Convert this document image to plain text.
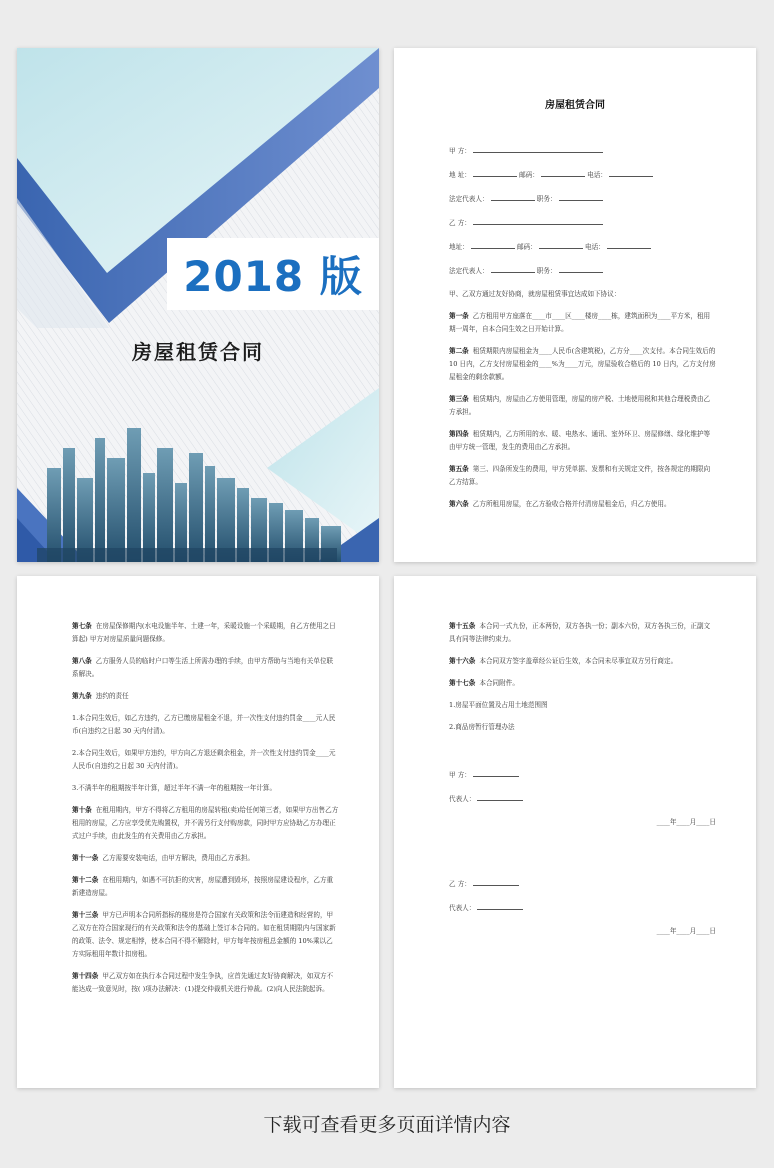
2018 版
房屋租赁合同
房屋租赁合同
甲 方：
地 址：	邮码：	电话：
法定代表人：	职务：
乙 方：
地址：	邮码：	电话：
法定代表人：	职务：

甲、乙双方通过友好协商，就房屋租赁事宜达成如下协议：

第一条 乙方租用甲方座落在____市____区____楼房____栋，建筑面积为____平方米，租用期一周年，自本合同生效之日开始计算。

第二条 租赁期限内房屋租金为____人民币(含建筑税)，乙方分____次支付。本合同生效后的 10 日内，乙方支付房屋租金的____%为____万元，房屋验收合格后的 10 日内，乙方支付房屋租金的剩余款额。

第三条 租赁期内，房屋由乙方使用管理，房屋的房产税、土地使用税和其他合理税费由乙方承担。

第四条 租赁期内，乙方所用的水、暖、电热水、通讯、室外环卫、房屋修缮、绿化维护等由甲方统一管理，发生的费用由乙方承担。

第五条 第三、四条所发生的费用，甲方凭单据、发票和有关规定文件，按各规定的期限向乙方结算。

第六条 乙方所租用房屋，在乙方验收合格并付清房屋租金后，归乙方使用。

第七条 在房屋保修期内(水电设施半年、土建一年，采暖设施一个采暖期，自乙方使用之日算起) 甲方对房屋质量问题保修。

第八条 乙方服务人员的临时户口等生活上所需办理的手续，由甲方帮助与当地有关单位联系解决。

第九条 违约的责任

1.本合同生效后，如乙方违约，乙方已缴房屋租金不退，并一次性支付违约罚金____元人民币(自违约之日起 30 天内付清)。

2.本合同生效后，如果甲方违约，甲方向乙方退还剩余租金，并一次性支付违约罚金____元人民币(自违约之日起 30 天内付清)。

3.不满半年的租期按半年计算，超过半年不满一年的租期按一年计算。

第十条 在租用期内，甲方不得将乙方租用的房屋转租(卖)给任何第三者，如果甲方出售乙方租用的房屋，乙方应享受优先购置权，并不需另行支付购房款，同时甲方应协助乙方办理正式过户手续，由此发生的有关费用由乙方承担。

第十一条 乙方需要安装电话，由甲方解决，费用由乙方承担。

第十二条 在租用期内，如遇不可抗拒的灾害，房屋遭到毁坏，按照房屋建设程序，乙方重新建造房屋。

第十三条 甲方已声明本合同所指标的楼房是符合国家有关政策和法令而建造和经营的，甲乙双方在符合国家现行的有关政策和法令的基础上签订本合同的。如在租赁期限内与国家新的政策、法令、规定相悖，使本合同不得不解除时，甲方每年按房租总金额的 10%乘以乙方实际租用年数计扣房租。

第十四条 甲乙双方如在执行本合同过程中发生争执，应首先通过友好协商解决，如双方不能达成一致意见时，按( )项办法解决：(1)提交仲裁机关进行仲裁。(2)向人民法院起诉。

第十五条 本合同一式九份，正本两份，双方各执一份；副本六份，双方各执三份，正副文具有同等法律约束力。

第十六条 本合同双方签字盖章经公证后生效，本合同未尽事宜双方另行商定。

第十七条 本合同附件。

1.房屋平面位置及占用土地范围图

2.商品房暂行管理办法

甲 方：
代表人：

____年____月____日

乙 方：
代表人：

____年____月____日

下载可查看更多页面详情内容
